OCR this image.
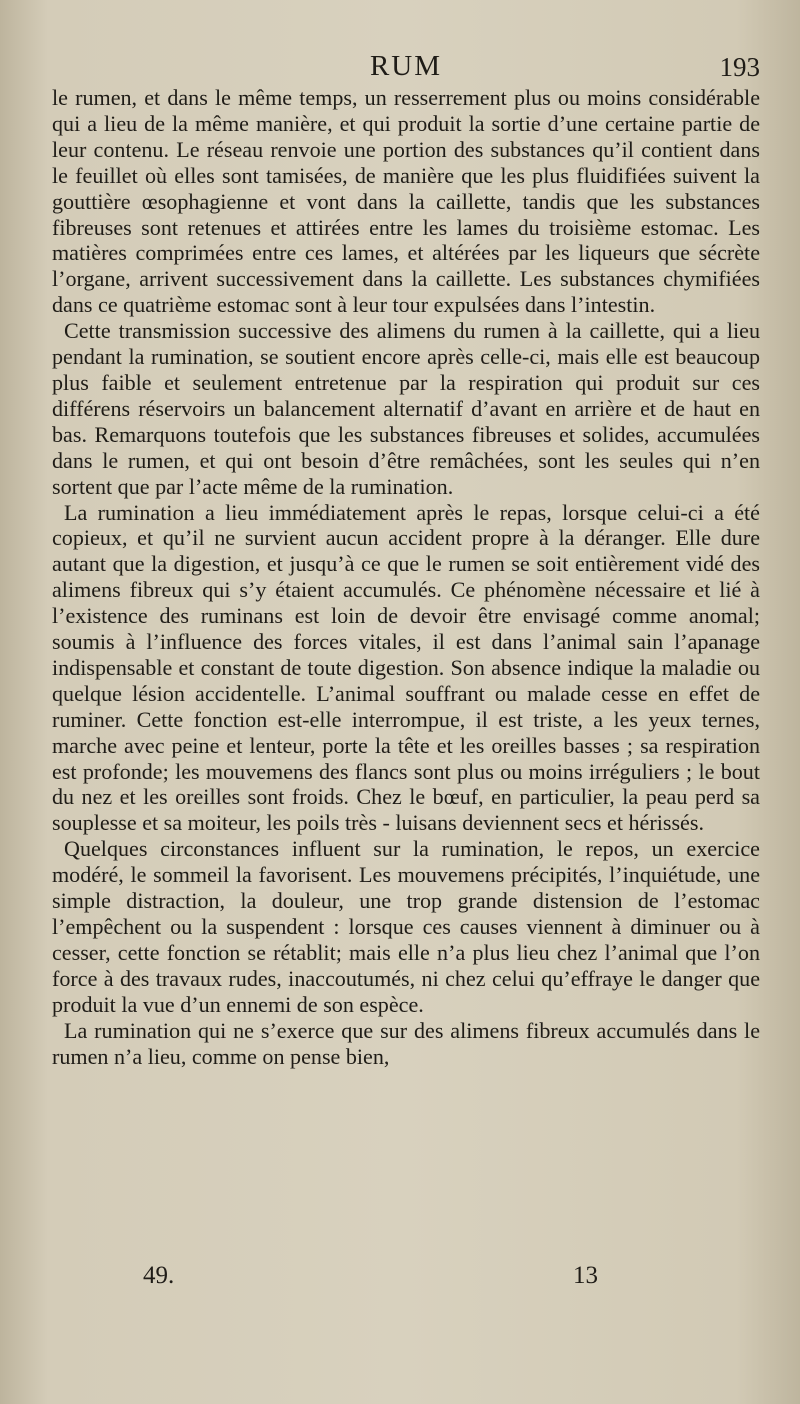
RUM	193

le rumen, et dans le même temps, un resserrement plus ou moins considérable qui a lieu de la même manière, et qui produit la sortie d’une certaine partie de leur contenu. Le réseau renvoie une portion des substances qu’il contient dans le feuillet où elles sont tamisées, de manière que les plus fluidifiées suivent la gouttière œsophagienne et vont dans la caillette, tandis que les substances fibreuses sont retenues et attirées entre les lames du troisième estomac. Les matières comprimées entre ces lames, et altérées par les liqueurs que sécrète l’organe, arrivent successivement dans la caillette. Les substances chymifiées dans ce quatrième estomac sont à leur tour expulsées dans l’intestin.

Cette transmission successive des alimens du rumen à la caillette, qui a lieu pendant la rumination, se soutient encore après celle-ci, mais elle est beaucoup plus faible et seulement entretenue par la respiration qui produit sur ces différens réservoirs un balancement alternatif d’avant en arrière et de haut en bas. Remarquons toutefois que les substances fibreuses et solides, accumulées dans le rumen, et qui ont besoin d’être remâchées, sont les seules qui n’en sortent que par l’acte même de la rumination.

La rumination a lieu immédiatement après le repas, lorsque celui-ci a été copieux, et qu’il ne survient aucun accident propre à la déranger. Elle dure autant que la digestion, et jusqu’à ce que le rumen se soit entièrement vidé des alimens fibreux qui s’y étaient accumulés. Ce phénomène nécessaire et lié à l’existence des ruminans est loin de devoir être envisagé comme anomal; soumis à l’influence des forces vitales, il est dans l’animal sain l’apanage indispensable et constant de toute digestion. Son absence indique la maladie ou quelque lésion accidentelle. L’animal souffrant ou malade cesse en effet de ruminer. Cette fonction est-elle interrompue, il est triste, a les yeux ternes, marche avec peine et lenteur, porte la tête et les oreilles basses ; sa respiration est profonde; les mouvemens des flancs sont plus ou moins irréguliers ; le bout du nez et les oreilles sont froids. Chez le bœuf, en particulier, la peau perd sa souplesse et sa moiteur, les poils très - luisans deviennent secs et hérissés.

Quelques circonstances influent sur la rumination, le repos, un exercice modéré, le sommeil la favorisent. Les mouvemens précipités, l’inquiétude, une simple distraction, la douleur, une trop grande distension de l’estomac l’empêchent ou la suspendent : lorsque ces causes viennent à diminuer ou à cesser, cette fonction se rétablit; mais elle n’a plus lieu chez l’animal que l’on force à des travaux rudes, inaccoutumés, ni chez celui qu’effraye le danger que produit la vue d’un ennemi de son espèce.

La rumination qui ne s’exerce que sur des alimens fibreux accumulés dans le rumen n’a lieu, comme on pense bien,

49.	13
